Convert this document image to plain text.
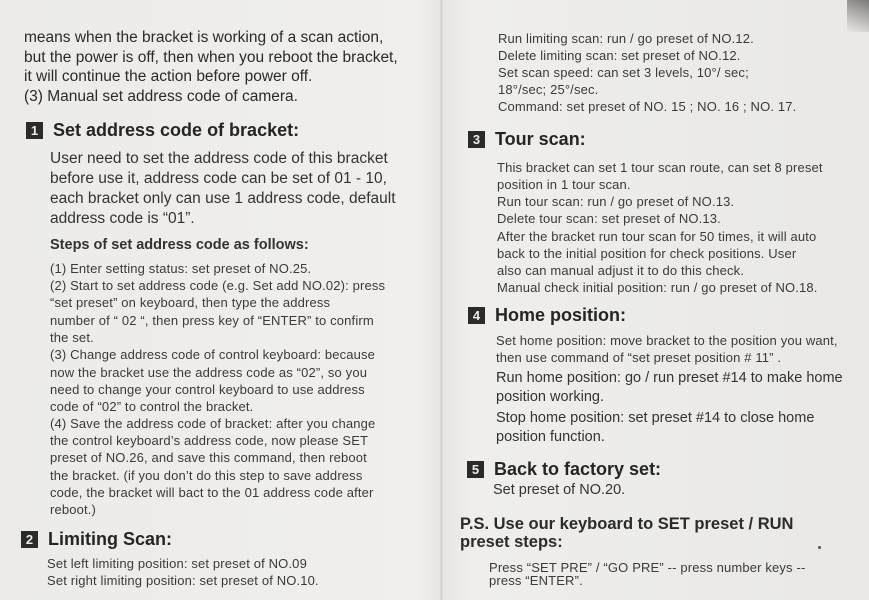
means when the bracket is working of a scan action,
but the power is off, then when you reboot the bracket,
it will continue the action before power off.
(3) Manual set address code of camera.
1 Set address code of bracket:
User need to set the address code of this bracket
before use it, address code can be set of 01 - 10,
each bracket only can use 1 address code, default
address code is “01”.
Steps of set address code as follows:
(1) Enter setting status: set preset of NO.25.
(2) Start to set address code (e.g. Set add NO.02): press
“set preset” on keyboard, then type the address
number of “ 02 “, then press key of “ENTER” to confirm
the set.
(3) Change address code of control keyboard: because
now the bracket use the address code as “02”, so you
need to change your control keyboard to use address
code of “02” to control the bracket.
(4) Save the address code of bracket: after you change
the control keyboard’s address code, now please SET
preset of NO.26, and save this command, then reboot
the bracket. (if you don’t do this step to save address
code, the bracket will bact to the 01 address code after
reboot.)
2 Limiting Scan:
Set left limiting position: set preset of NO.09
Set right limiting position: set preset of NO.10.
Run limiting scan: run / go preset of NO.12.
Delete limiting scan: set preset of NO.12.
Set scan speed: can set 3 levels, 10°/ sec;
18°/sec; 25°/sec.
Command: set preset of NO. 15 ; NO. 16 ; NO. 17.
3 Tour scan:
This bracket can set 1 tour scan route, can set 8 preset
position in 1 tour scan.
Run tour scan: run / go preset of NO.13.
Delete tour scan: set preset of NO.13.
After the bracket run tour scan for 50 times, it will auto
back to the initial position for check positions. User
also can manual adjust it to do this check.
Manual check initial position: run / go preset of NO.18.
4 Home position:
Set home position: move bracket to the position you want,
then use command of “set preset position # 11” .
Run home position: go / run preset #14 to make home
position working.
Stop home position: set preset #14 to close home
position function.
5 Back to factory set:
Set preset of NO.20.
P.S. Use our keyboard to SET preset / RUN
preset steps:
Press “SET PRE” / “GO PRE” -- press number keys --
press “ENTER”.
